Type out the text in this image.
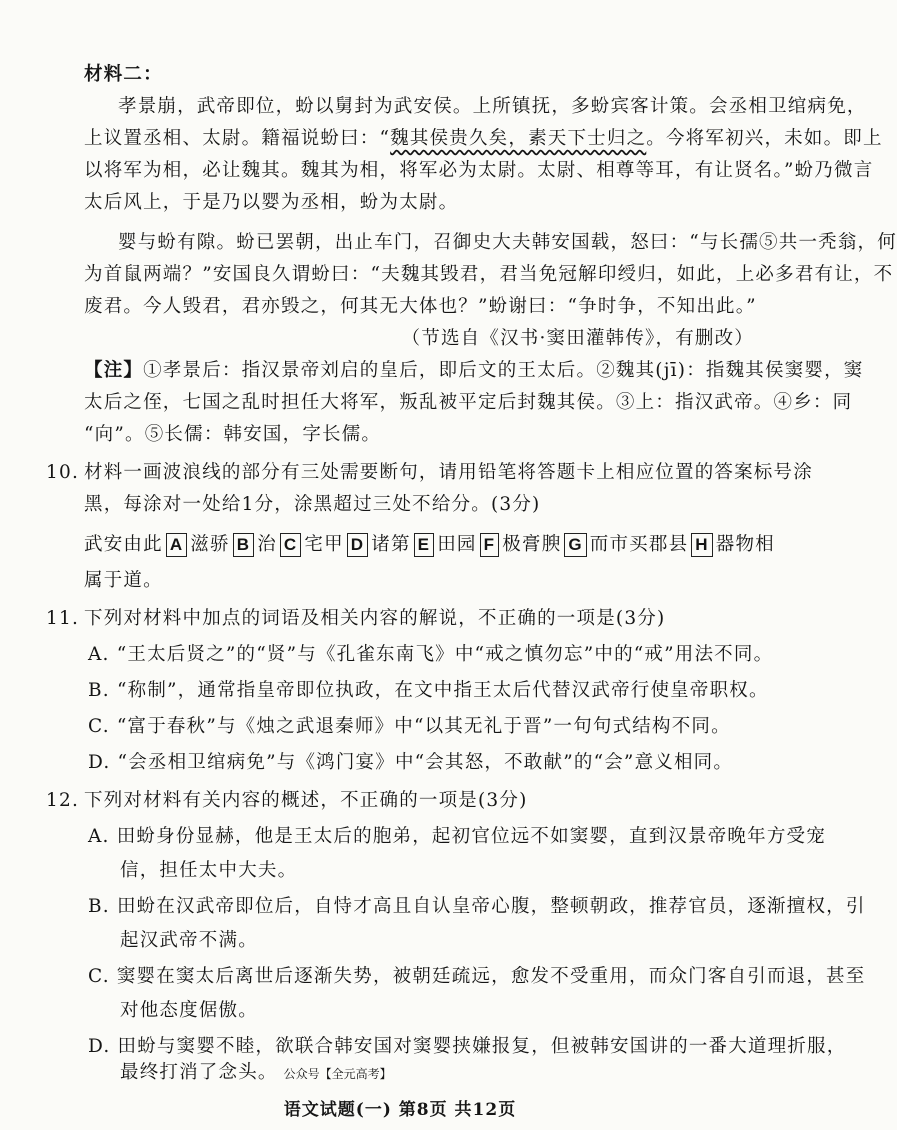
材料二：
孝景崩，武帝即位，蚡以舅封为武安侯。上所镇抚，多蚡宾客计策。会丞相卫绾病免，
上议置丞相、太尉。籍福说蚡曰：“魏其侯贵久矣，素天下士归之。今将军初兴，未如。即上
以将军为相，必让魏其。魏其为相，将军必为太尉。太尉、相尊等耳，有让贤名。”蚡乃微言
太后风上，于是乃以婴为丞相，蚡为太尉。
婴与蚡有隙。蚡已罢朝，出止车门，召御史大夫韩安国载，怒曰：“与长孺⑤共一秃翁，何
为首鼠两端？”安国良久谓蚡曰：“夫魏其毁君，君当免冠解印绶归，如此，上必多君有让，不
废君。今人毁君，君亦毁之，何其无大体也？”蚡谢曰：“争时争，不知出此。”
（节选自《汉书·窦田灌韩传》，有删改）
【注】①孝景后：指汉景帝刘启的皇后，即后文的王太后。②魏其(jī)：指魏其侯窦婴，窦
太后之侄，七国之乱时担任大将军，叛乱被平定后封魏其侯。③上：指汉武帝。④乡：同
“向”。⑤长儒：韩安国，字长儒。
10. 材料一画波浪线的部分有三处需要断句，请用铅笔将答题卡上相应位置的答案标号涂
黑，每涂对一处给1分，涂黑超过三处不给分。(3分)
武安由此 A 滋骄 B 治 C 宅甲 D 诸第 E 田园 F 极膏腴 G 而市买郡县 H 器物相
属于道。
11. 下列对材料中加点的词语及相关内容的解说，不正确的一项是(3分)
A. “王太后贤之”的“贤”与《孔雀东南飞》中“戒之慎勿忘”中的“戒”用法不同。
B. “称制”，通常指皇帝即位执政，在文中指王太后代替汉武帝行使皇帝职权。
C. “富于春秋”与《烛之武退秦师》中“以其无礼于晋”一句句式结构不同。
D. “会丞相卫绾病免”与《鸿门宴》中“会其怒，不敢献”的“会”意义相同。
12. 下列对材料有关内容的概述，不正确的一项是(3分)
A. 田蚡身份显赫，他是王太后的胞弟，起初官位远不如窦婴，直到汉景帝晚年方受宠
信，担任太中大夫。
B. 田蚡在汉武帝即位后，自恃才高且自认皇帝心腹，整顿朝政，推荐官员，逐渐擅权，引
起汉武帝不满。
C. 窦婴在窦太后离世后逐渐失势，被朝廷疏远，愈发不受重用，而众门客自引而退，甚至
对他态度倨傲。
D. 田蚡与窦婴不睦，欲联合韩安国对窦婴挟嫌报复，但被韩安国讲的一番大道理折服，
最终打消了念头。 公众号【全元高考】
语文试题(一) 第8页 共12页
